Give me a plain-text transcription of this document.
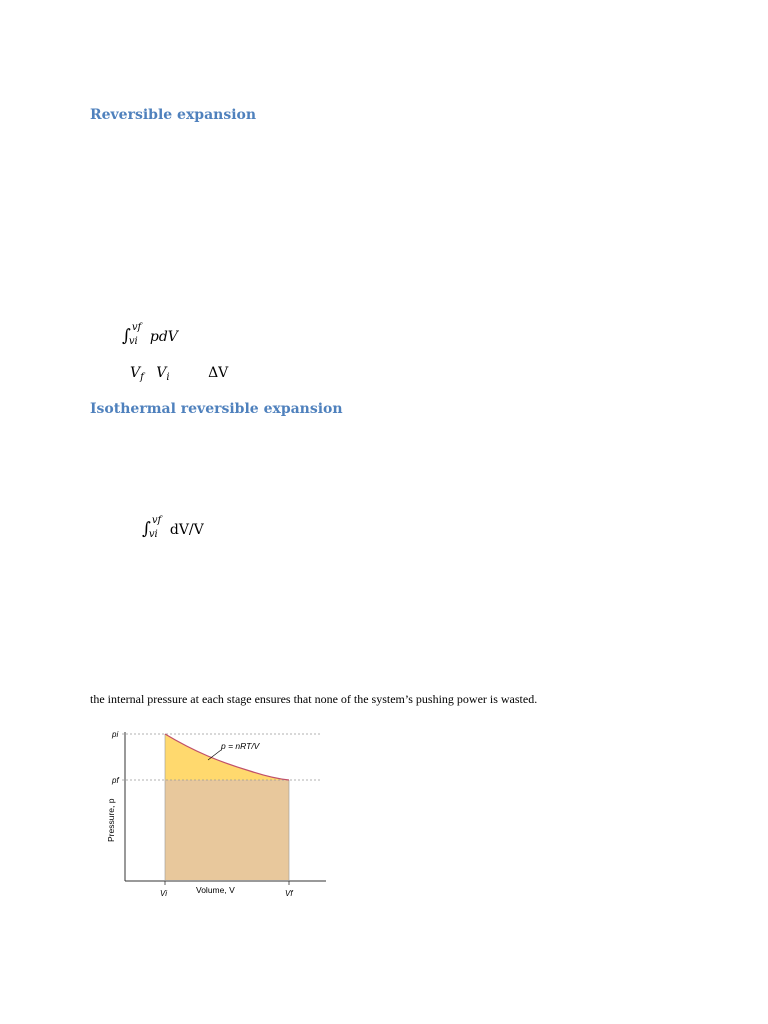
Reversible expansion
∫ vf
vi pdV
$V_f$ $V_i$	ΔV
Isothermal reversible expansion
∫ vf
vi dV/V

the internal pressure at each stage ensures that none of the system’s pushing power is wasted.

p = nRT/V
pi
pf
Vi	Vf
Volume, V
Pressure, p
